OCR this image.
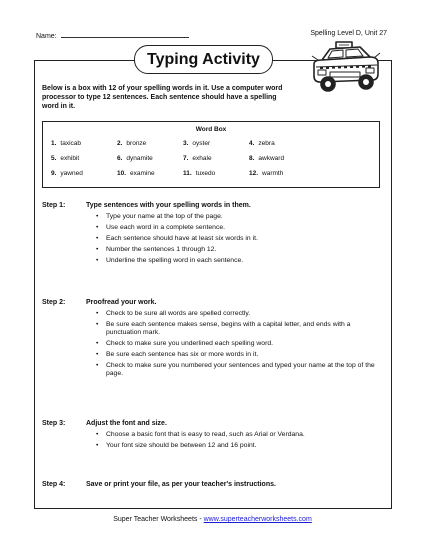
Name:	Spelling Level D, Unit 27
Typing Activity
Below is a box with 12 of your spelling words in it. Use a computer word processor to type 12 sentences. Each sentence should have a spelling word in it.
Word Box
1. taxicab	2. bronze	3. oyster	4. zebra
5. exhibit	6. dynamite	7. exhale	8. awkward
9. yawned	10. examine	11. tuxedo	12. warmth
Step 1:	Type sentences with your spelling words in them.
• Type your name at the top of the page.
• Use each word in a complete sentence.
• Each sentence should have at least six words in it.
• Number the sentences 1 through 12.
• Underline the spelling word in each sentence.
Step 2:	Proofread your work.
• Check to be sure all words are spelled correctly.
• Be sure each sentence makes sense, begins with a capital letter, and ends with a punctuation mark.
• Check to make sure you underlined each spelling word.
• Be sure each sentence has six or more words in it.
• Check to make sure you numbered your sentences and typed your name at the top of the page.
Step 3:	Adjust the font and size.
• Choose a basic font that is easy to read, such as Arial or Verdana.
• Your font size should be between 12 and 16 point.
Step 4:	Save or print your file, as per your teacher's instructions.
Super Teacher Worksheets - www.superteacherworksheets.com
